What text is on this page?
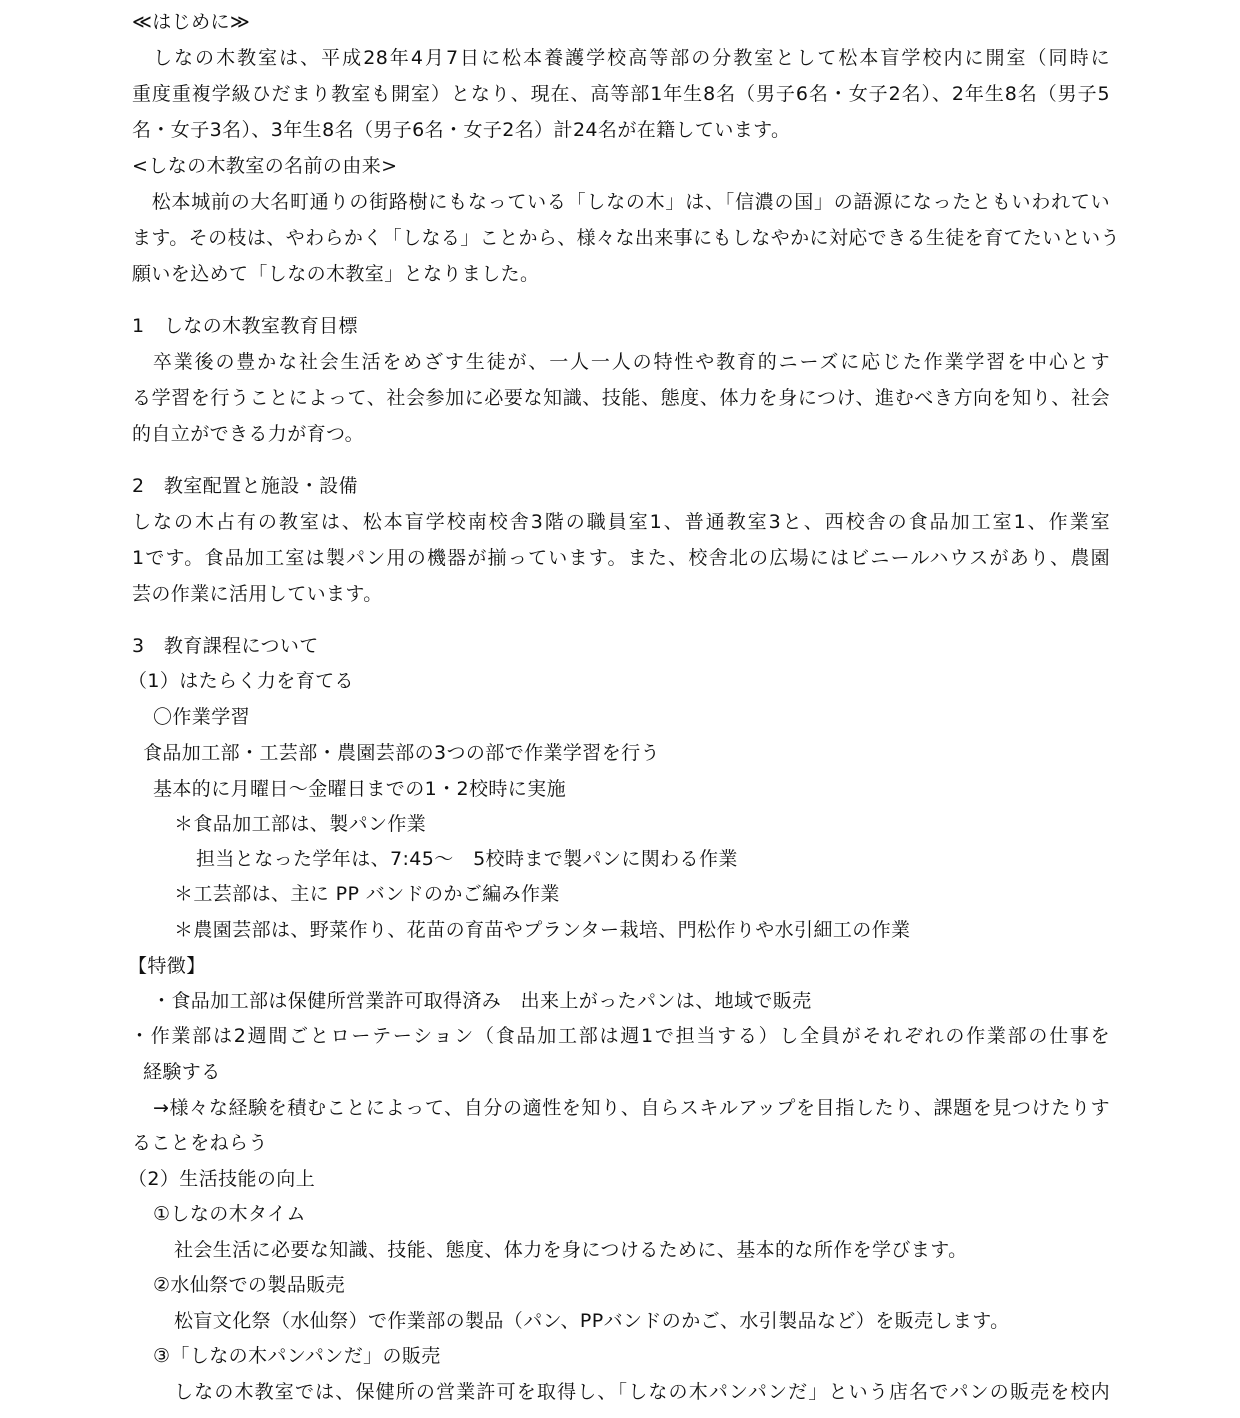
≪はじめに≫
　しなの木教室は、平成28年4月7日に松本養護学校高等部の分教室として松本盲学校内に開室（同時に
重度重複学級ひだまり教室も開室）となり、現在、高等部1年生8名（男子6名・女子2名）、2年生8名（男子5
名・女子3名）、3年生8名（男子6名・女子2名）計24名が在籍しています。
<しなの木教室の名前の由来>
　松本城前の大名町通りの街路樹にもなっている「しなの木」は、「信濃の国」の語源になったともいわれてい
ます。その枝は、やわらかく「しなる」ことから、様々な出来事にもしなやかに対応できる生徒を育てたいという
願いを込めて「しなの木教室」となりました。
1　しなの木教室教育目標
　卒業後の豊かな社会生活をめざす生徒が、一人一人の特性や教育的ニーズに応じた作業学習を中心とす
る学習を行うことによって、社会参加に必要な知識、技能、態度、体力を身につけ、進むべき方向を知り、社会
的自立ができる力が育つ。
2　教室配置と施設・設備
しなの木占有の教室は、松本盲学校南校舎3階の職員室1、普通教室3と、西校舎の食品加工室1、作業室
1です。食品加工室は製パン用の機器が揃っています。また、校舎北の広場にはビニールハウスがあり、農園
芸の作業に活用しています。
3　教育課程について
（1）はたらく力を育てる
〇作業学習
食品加工部・工芸部・農園芸部の3つの部で作業学習を行う
基本的に月曜日～金曜日までの1・2校時に実施
＊食品加工部は、製パン作業
担当となった学年は、7:45～　5校時まで製パンに関わる作業
＊工芸部は、主に PP バンドのかご編み作業
＊農園芸部は、野菜作り、花苗の育苗やプランター栽培、門松作りや水引細工の作業
【特徴】
・食品加工部は保健所営業許可取得済み　出来上がったパンは、地域で販売
・作業部は2週間ごとローテーション（食品加工部は週1で担当する）し全員がそれぞれの作業部の仕事を
経験する
→様々な経験を積むことによって、自分の適性を知り、自らスキルアップを目指したり、課題を見つけたりす
ることをねらう
（2）生活技能の向上
①しなの木タイム
社会生活に必要な知識、技能、態度、体力を身につけるために、基本的な所作を学びます。
②水仙祭での製品販売
松盲文化祭（水仙祭）で作業部の製品（パン、PPバンドのかご、水引製品など）を販売します。
③「しなの木パンパンだ」の販売
しなの木教室では、保健所の営業許可を取得し、「しなの木パンパンだ」という店名でパンの販売を校内
